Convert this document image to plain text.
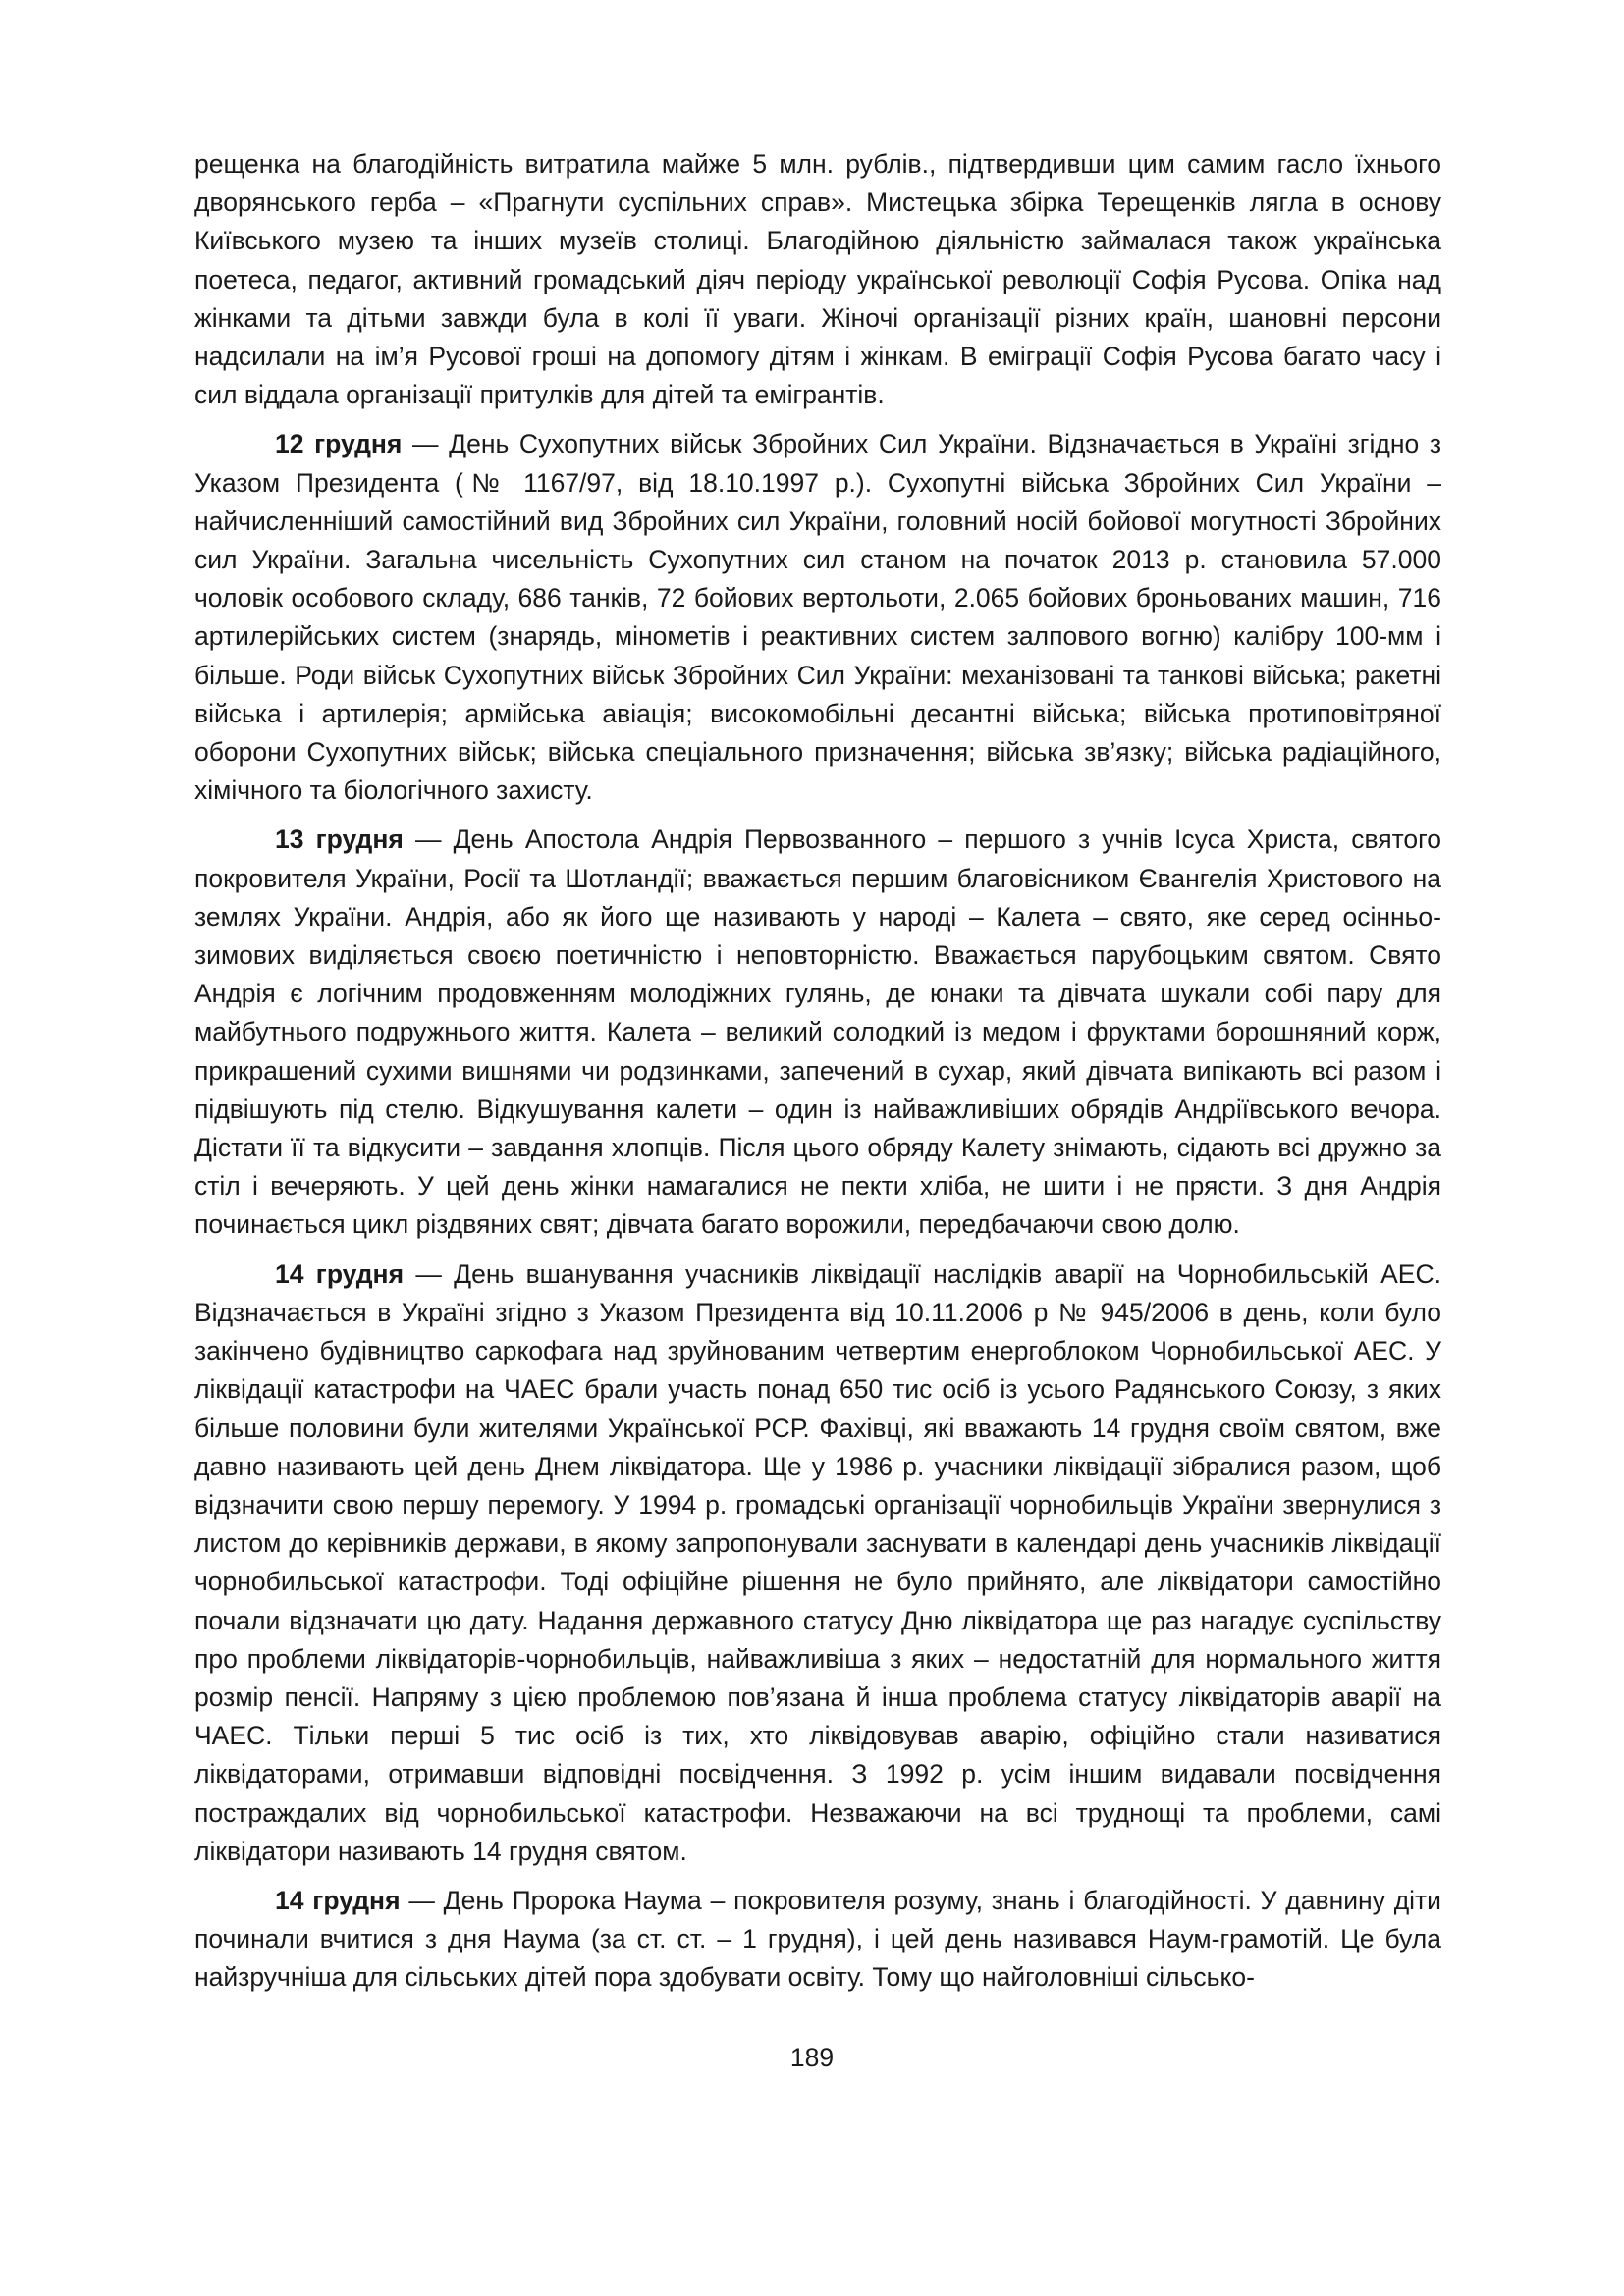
рещенка на благодійність витратила майже 5 млн. рублів., підтвердивши цим самим гасло їхнього дворянського герба – «Прагнути суспільних справ». Мистецька збірка Терещенків лягла в основу Київського музею та інших музеїв столиці. Благодійною діяльністю займалася також українська поетеса, педагог, активний громадський діяч періоду української революції Софія Русова. Опіка над жінками та дітьми завжди була в колі її уваги. Жіночі організації різних країн, шановні персони надсилали на ім’я Русової гроші на допомогу дітям і жінкам. В еміграції Софія Русова багато часу і сил віддала організації притулків для дітей та емігрантів.

12 грудня — День Сухопутних військ Збройних Сил України. Відзначається в Україні згідно з Указом Президента (№ 1167/97, від 18.10.1997 р.). Сухопутні війська Збройних Сил України – найчисленніший самостійний вид Збройних сил України, головний носій бойової могутності Збройних сил України. Загальна чисельність Сухопутних сил станом на початок 2013 р. становила 57.000 чоловік особового складу, 686 танків, 72 бойових вертольоти, 2.065 бойових броньованих машин, 716 артилерійських систем (знарядь, мінометів і реактивних систем залпового вогню) калібру 100-мм і більше. Роди військ Сухопутних військ Збройних Сил України: механізовані та танкові війська; ракетні війська і артилерія; армійська авіація; високомобільні десантні війська; війська протиповітряної оборони Сухопутних військ; війська спеціального призначення; війська зв’язку; війська радіаційного, хімічного та біологічного захисту.

13 грудня — День Апостола Андрія Первозванного – першого з учнів Ісуса Христа, святого покровителя України, Росії та Шотландії; вважається першим благовісником Євангелія Христового на землях України. Андрія, або як його ще називають у народі – Калета – свято, яке серед осінньо-зимових виділяється своєю поетичністю і неповторністю. Вважається парубоцьким святом. Свято Андрія є логічним продовженням молодіжних гулянь, де юнаки та дівчата шукали собі пару для майбутнього подружнього життя. Калета – великий солодкий із медом і фруктами борошняний корж, прикрашений сухими вишнями чи родзинками, запечений в сухар, який дівчата випікають всі разом і підвішують під стелю. Відкушування калети – один із найважливіших обрядів Андріївського вечора. Дістати її та відкусити – завдання хлопців. Після цього обряду Калету знімають, сідають всі дружно за стіл і вечеряють. У цей день жінки намагалися не пекти хліба, не шити і не прясти. З дня Андрія починається цикл різдвяних свят; дівчата багато ворожили, передбачаючи свою долю.

14 грудня — День вшанування учасників ліквідації наслідків аварії на Чорнобильській АЕС. Відзначається в Україні згідно з Указом Президента від 10.11.2006 р № 945/2006 в день, коли було закінчено будівництво саркофага над зруйнованим четвертим енергоблоком Чорнобильської АЕС. У ліквідації катастрофи на ЧАЕС брали участь понад 650 тис осіб із усього Радянського Союзу, з яких більше половини були жителями Української РСР. Фахівці, які вважають 14 грудня своїм святом, вже давно називають цей день Днем ліквідатора. Ще у 1986 р. учасники ліквідації зібралися разом, щоб відзначити свою першу перемогу. У 1994 р. громадські організації чорнобильців України звернулися з листом до керівників держави, в якому запропонували заснувати в календарі день учасників ліквідації чорнобильської катастрофи. Тоді офіційне рішення не було прийнято, але ліквідатори самостійно почали відзначати цю дату. Надання державного статусу Дню ліквідатора ще раз нагадує суспільству про проблеми ліквідаторів-чорнобильців, найважливіша з яких – недостатній для нормального життя розмір пенсії. Напряму з цією проблемою пов’язана й інша проблема статусу ліквідаторів аварії на ЧАЕС. Тільки перші 5 тис осіб із тих, хто ліквідовував аварію, офіційно стали називатися ліквідаторами, отримавши відповідні посвідчення. З 1992 р. усім іншим видавали посвідчення постраждалих від чорнобильської катастрофи. Незважаючи на всі труднощі та проблеми, самі ліквідатори називають 14 грудня святом.

14 грудня — День Пророка Наума – покровителя розуму, знань і благодійності. У давнину діти починали вчитися з дня Наума (за ст. ст. – 1 грудня), і цей день називався Наум-грамотій. Це була найзручніша для сільських дітей пора здобувати освіту. Тому що найголовніші сільсько-

189
